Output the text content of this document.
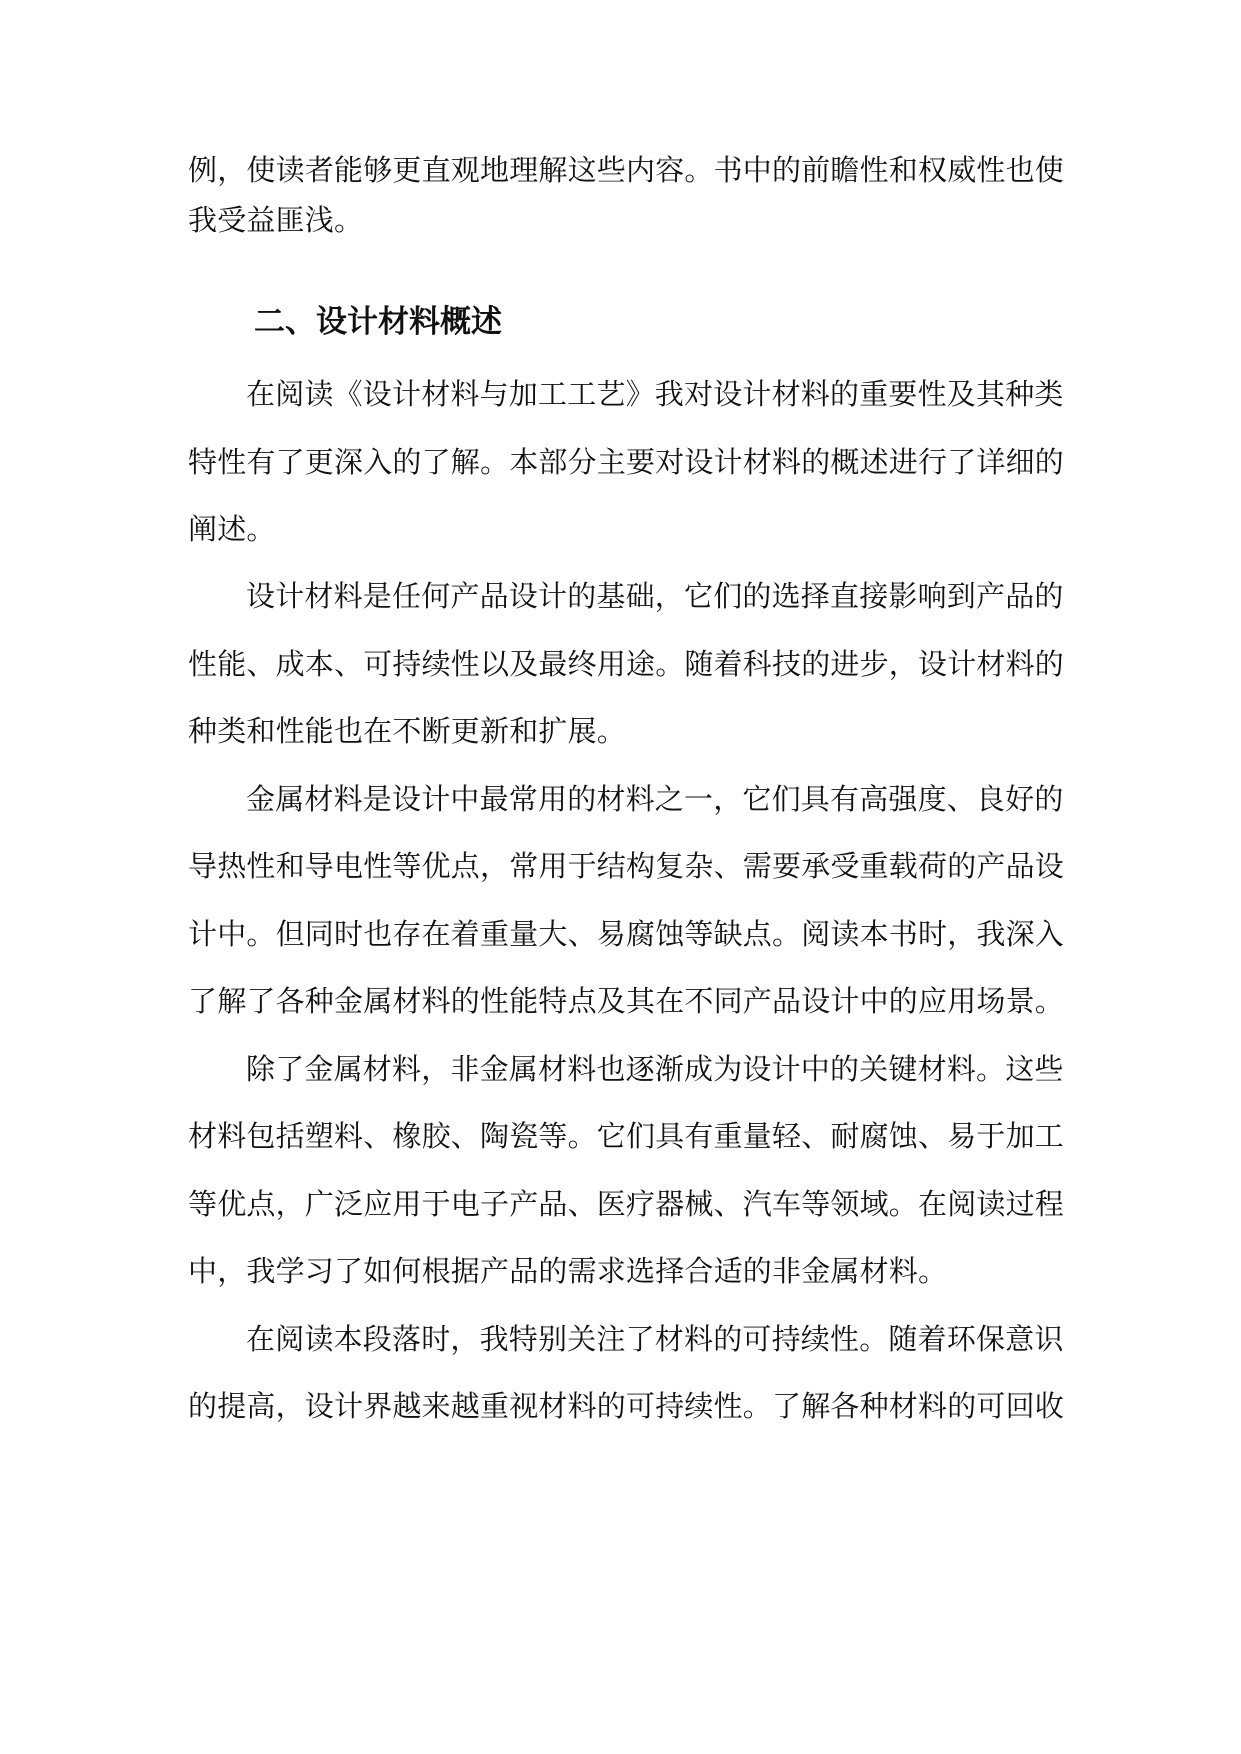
例，使读者能够更直观地理解这些内容。书中的前瞻性和权威性也使
我受益匪浅。
二、设计材料概述
在阅读《设计材料与加工工艺》我对设计材料的重要性及其种类
特性有了更深入的了解。本部分主要对设计材料的概述进行了详细的
阐述。
设计材料是任何产品设计的基础，它们的选择直接影响到产品的
性能、成本、可持续性以及最终用途。随着科技的进步，设计材料的
种类和性能也在不断更新和扩展。
金属材料是设计中最常用的材料之一，它们具有高强度、良好的
导热性和导电性等优点，常用于结构复杂、需要承受重载荷的产品设
计中。但同时也存在着重量大、易腐蚀等缺点。阅读本书时，我深入
了解了各种金属材料的性能特点及其在不同产品设计中的应用场景。
除了金属材料，非金属材料也逐渐成为设计中的关键材料。这些
材料包括塑料、橡胶、陶瓷等。它们具有重量轻、耐腐蚀、易于加工
等优点，广泛应用于电子产品、医疗器械、汽车等领域。在阅读过程
中，我学习了如何根据产品的需求选择合适的非金属材料。
在阅读本段落时，我特别关注了材料的可持续性。随着环保意识
的提高，设计界越来越重视材料的可持续性。了解各种材料的可回收
